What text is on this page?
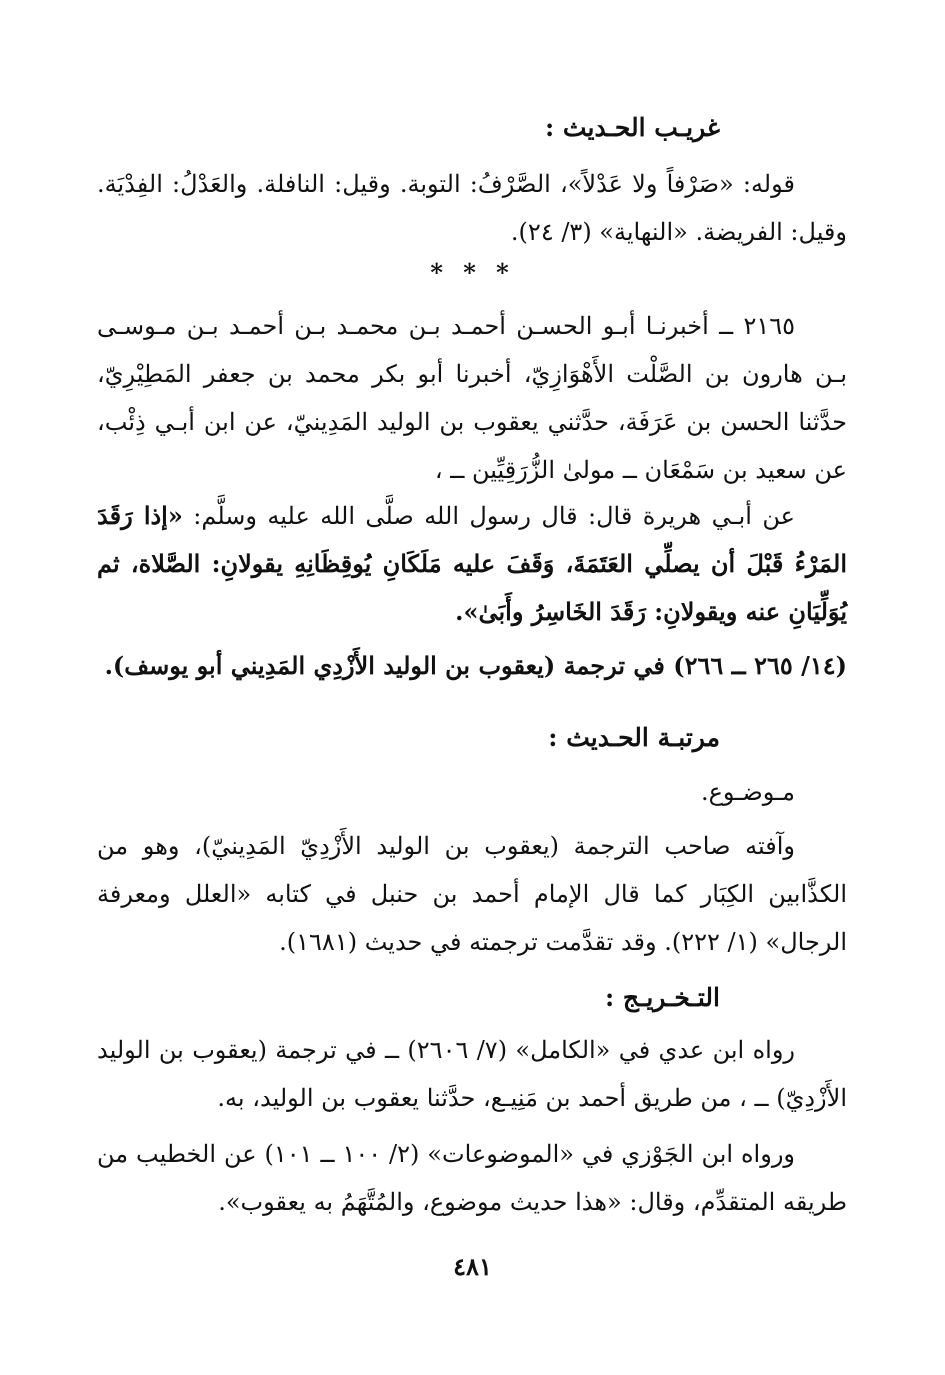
غريـب الحـديث :
قوله: «صَرْفاً ولا عَدْلاً»، الصَّرْفُ: التوبة. وقيل: النافلة. والعَدْلُ: الفِدْيَة. وقيل: الفريضة. «النهاية» (٣/ ٢٤).
* * *
٢١٦٥ ــ أخبرنـا أبـو الحسـن أحمـد بـن محمـد بـن أحمـد بـن مـوسـى بـن هارون بن الصَّلْت الأَهْوَازِيّ، أخبرنا أبو بكر محمد بن جعفر المَطِيْرِيّ، حدَّثنا الحسن بن عَرَفَة، حدَّثني يعقوب بن الوليد المَدِينيّ، عن ابن أبـي ذِئْب، عن سعيد بن سَمْعَان ــ مولىٰ الزُّرَقِيِّين ــ ،
عن أبـي هريرة قال: قال رسول الله صلَّى الله عليه وسلَّم: «إذا رَقَدَ المَرْءُ قَبْلَ أن يصلِّي العَتَمَةَ، وَقَفَ عليه مَلَكَانِ يُوقِظَانِهِ يقولانِ: الصَّلاة، ثم يُوَلِّيَانِ عنه ويقولانِ: رَقَدَ الخَاسِرُ وأَبَىٰ».
(١٤/ ٢٦٥ ــ ٢٦٦) في ترجمة (يعقوب بن الوليد الأَزْدِي المَدِيني أبو يوسف).
مرتبـة الحـديث :
مـوضـوع.
وآفته صاحب الترجمة (يعقوب بن الوليد الأَزْدِيّ المَدِينيّ)، وهو من الكذَّابين الكِبَار كما قال الإمام أحمد بن حنبل في كتابه «العلل ومعرفة الرجال» (١/ ٢٢٢). وقد تقدَّمت ترجمته في حديث (١٦٨١).
التـخـريـج :
رواه ابن عدي في «الكامل» (٧/ ٢٦٠٦) ــ في ترجمة (يعقوب بن الوليد الأَزْدِيّ) ــ ، من طريق أحمد بن مَنِيـع، حدَّثنا يعقوب بن الوليد، به.
ورواه ابن الجَوْزي في «الموضوعات» (٢/ ١٠٠ ــ ١٠١) عن الخطيب من طريقه المتقدِّم، وقال: «هذا حديث موضوع، والمُتَّهَمُ به يعقوب».
٤٨١
